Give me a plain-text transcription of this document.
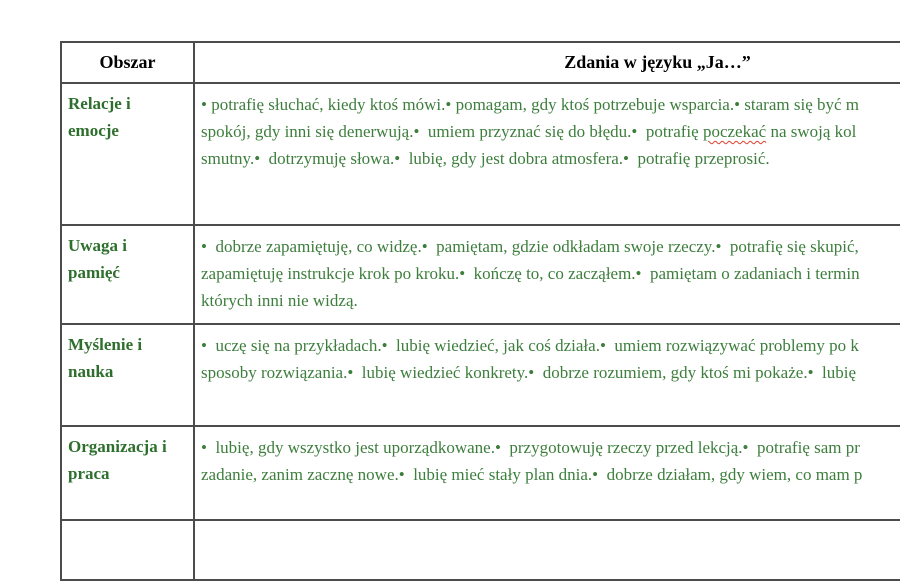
Obszar	Zdania w języku „Ja…”
Relacje i
emocje
• potrafię słuchać, kiedy ktoś mówi.• pomagam, gdy ktoś potrzebuje wsparcia.• staram się być m
spokój, gdy inni się denerwują.•  umiem przyznać się do błędu.•  potrafię poczekać na swoją kol
smutny.•  dotrzymuję słowa.•  lubię, gdy jest dobra atmosfera.•  potrafię przeprosić.
Uwaga i
pamięć
•  dobrze zapamiętuję, co widzę.•  pamiętam, gdzie odkładam swoje rzeczy.•  potrafię się skupić,
zapamiętuję instrukcje krok po kroku.•  kończę to, co zacząłem.•  pamiętam o zadaniach i termin
których inni nie widzą.
Myślenie i
nauka
•  uczę się na przykładach.•  lubię wiedzieć, jak coś działa.•  umiem rozwiązywać problemy po k
sposoby rozwiązania.•  lubię wiedzieć konkrety.•  dobrze rozumiem, gdy ktoś mi pokaże.•  lubię
Organizacja i
praca
•  lubię, gdy wszystko jest uporządkowane.•  przygotowuję rzeczy przed lekcją.•  potrafię sam pr
zadanie, zanim zacznę nowe.•  lubię mieć stały plan dnia.•  dobrze działam, gdy wiem, co mam p
